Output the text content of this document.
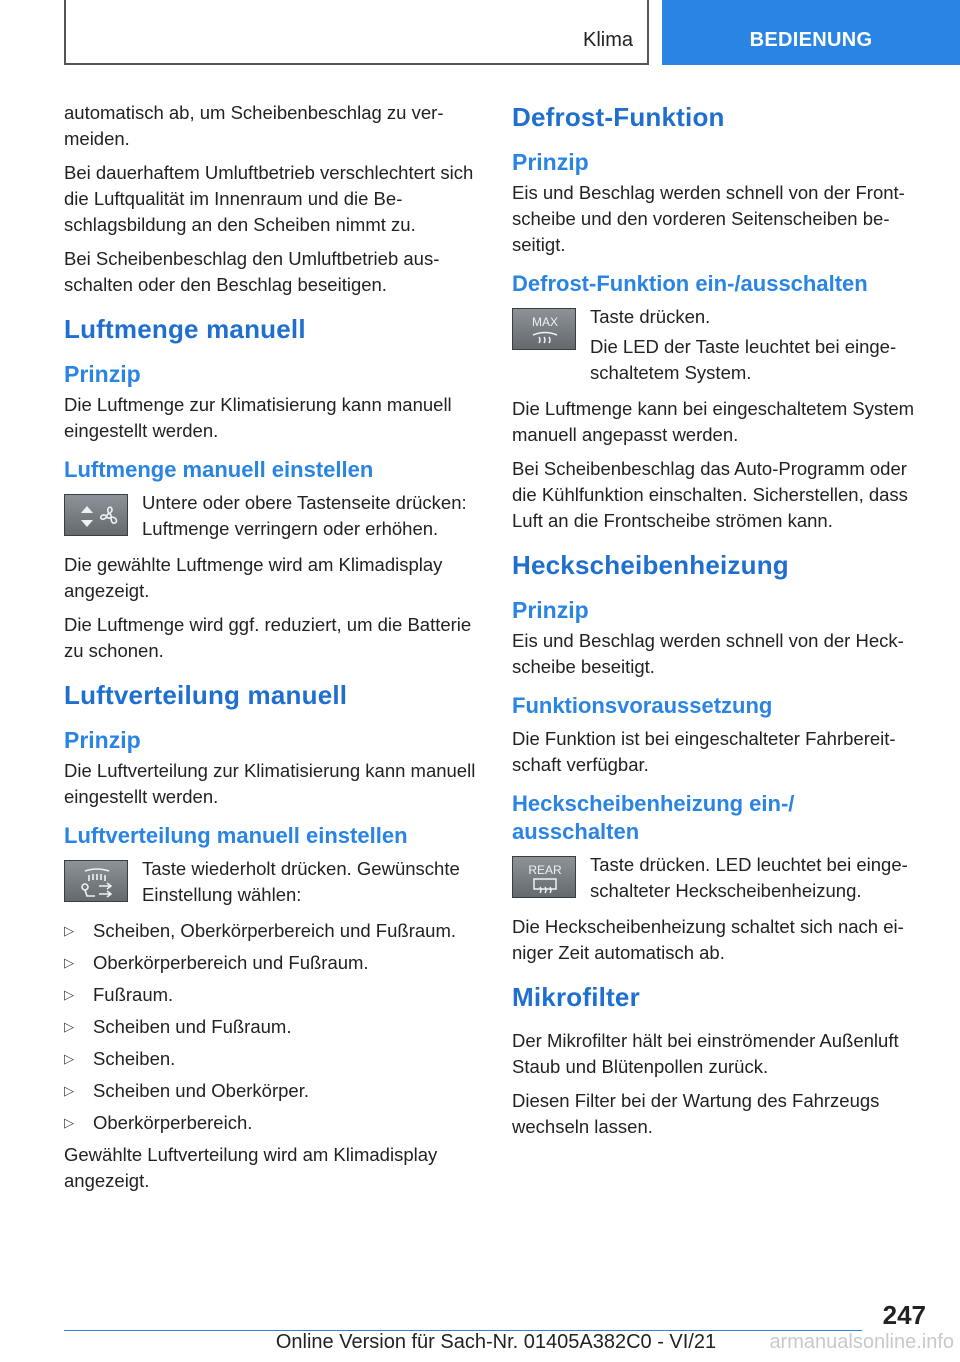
Klima	BEDIENUNG

automatisch ab, um Scheibenbeschlag zu vermeiden.

Bei dauerhaftem Umluftbetrieb verschlechtert sich die Luftqualität im Innenraum und die Beschlagsbildung an den Scheiben nimmt zu.

Bei Scheibenbeschlag den Umluftbetrieb ausschalten oder den Beschlag beseitigen.

Luftmenge manuell
Prinzip

Die Luftmenge zur Klimatisierung kann manuell eingestellt werden.

Luftmenge manuell einstellen

Untere oder obere Tastenseite drücken: Luftmenge verringern oder erhöhen.

Die gewählte Luftmenge wird am Klimadisplay angezeigt.

Die Luftmenge wird ggf. reduziert, um die Batterie zu schonen.

Luftverteilung manuell
Prinzip

Die Luftverteilung zur Klimatisierung kann manuell eingestellt werden.

Luftverteilung manuell einstellen

Taste wiederholt drücken. Gewünschte Einstellung wählen:

▷ Scheiben, Oberkörperbereich und Fußraum.
▷ Oberkörperbereich und Fußraum.
▷ Fußraum.
▷ Scheiben und Fußraum.
▷ Scheiben.
▷ Scheiben und Oberkörper.
▷ Oberkörperbereich.

Gewählte Luftverteilung wird am Klimadisplay angezeigt.

Defrost-Funktion
Prinzip

Eis und Beschlag werden schnell von der Frontscheibe und den vorderen Seitenscheiben beseitigt.

Defrost-Funktion ein-/ausschalten
MAX Taste drücken.

Die LED der Taste leuchtet bei eingeschaltetem System.

Die Luftmenge kann bei eingeschaltetem System manuell angepasst werden.

Bei Scheibenbeschlag das Auto-Programm oder die Kühlfunktion einschalten. Sicherstellen, dass Luft an die Frontscheibe strömen kann.

Heckscheibenheizung
Prinzip

Eis und Beschlag werden schnell von der Heckscheibe beseitigt.

Funktionsvoraussetzung

Die Funktion ist bei eingeschalteter Fahrbereitschaft verfügbar.

Heckscheibenheizung ein-/ ausschalten
REAR Taste drücken. LED leuchtet bei eingeschalteter Heckscheibenheizung.

Die Heckscheibenheizung schaltet sich nach einiger Zeit automatisch ab.

Mikrofilter

Der Mikrofilter hält bei einströmender Außenluft Staub und Blütenpollen zurück.

Diesen Filter bei der Wartung des Fahrzeugs wechseln lassen.

247
Online Version für Sach-Nr. 01405A382C0 - VI/21	armanualsonline.info
